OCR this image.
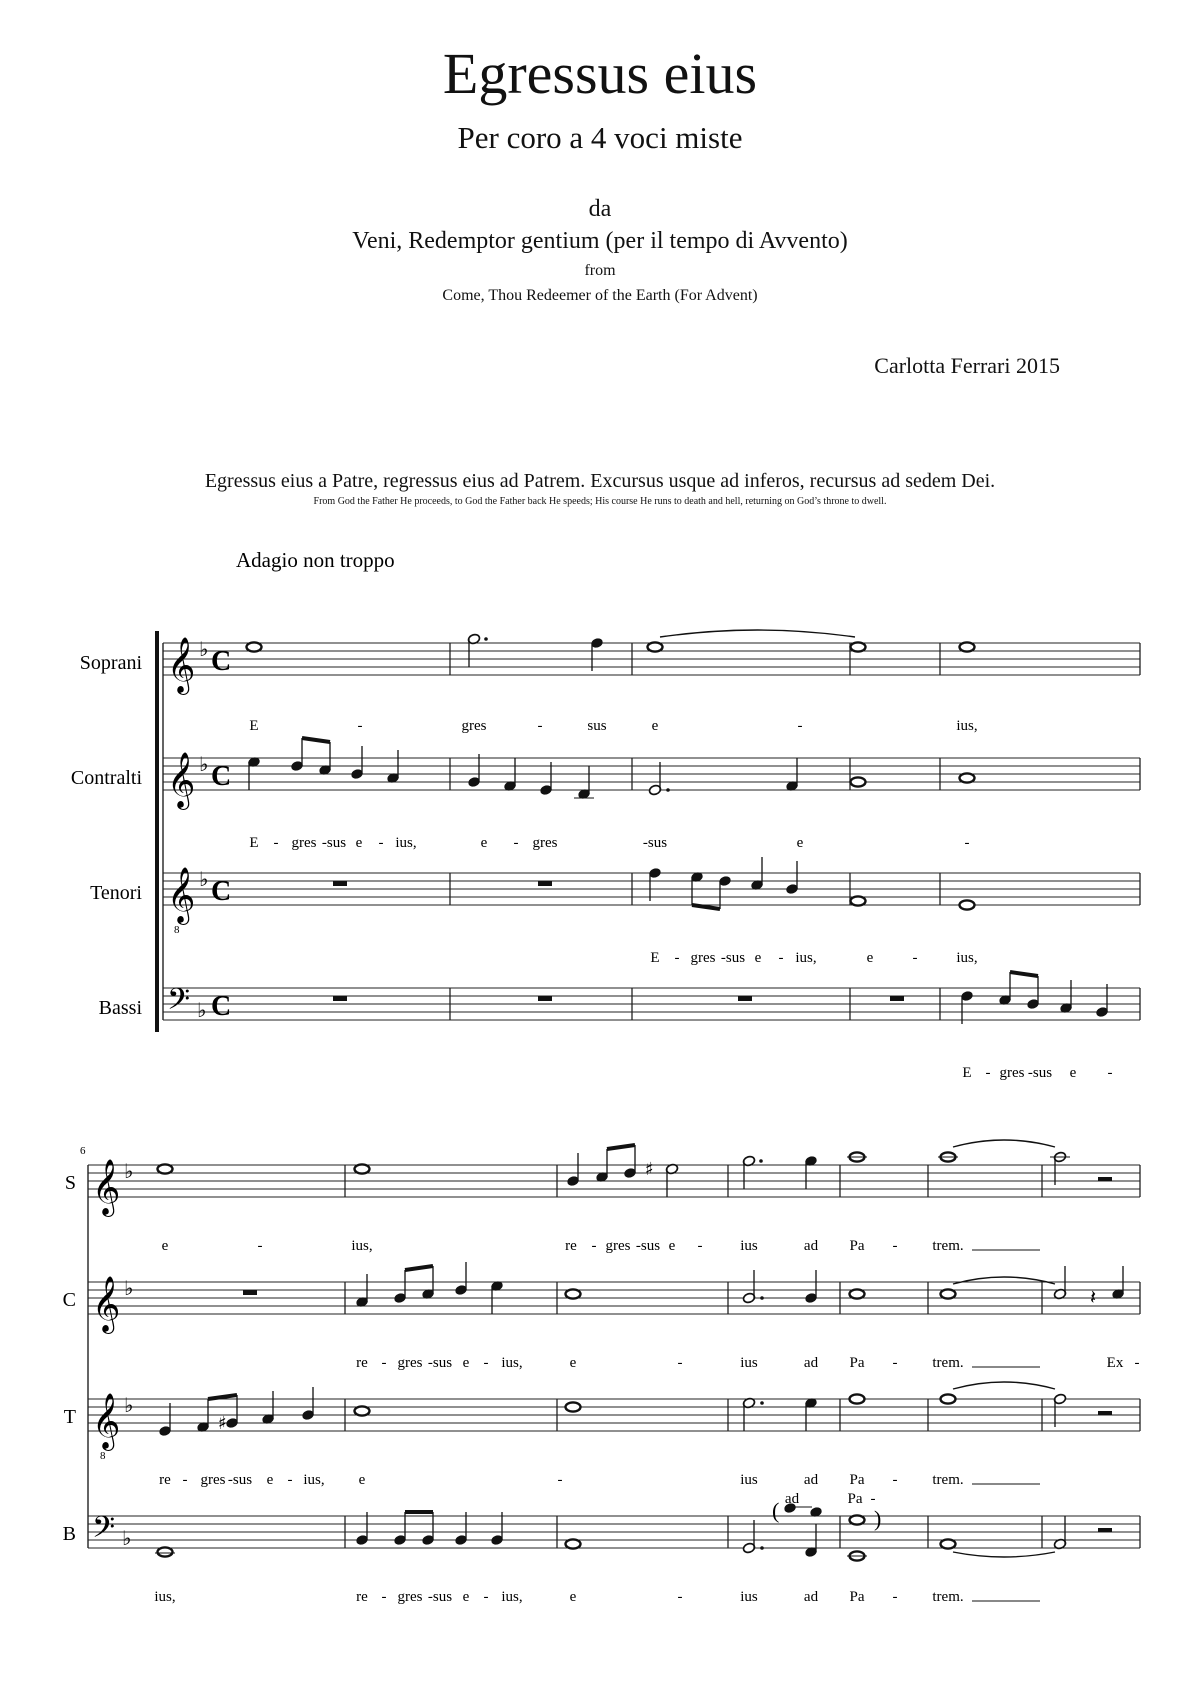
Egressus eius
Per coro a 4 voci miste
da
Veni, Redemptor gentium (per il tempo di Avvento)
from
Come, Thou Redeemer of the Earth (For Advent)
Carlotta Ferrari 2015
Egressus eius a Patre, regressus eius ad Patrem. Excursus usque ad inferos, recursus ad sedem Dei.
From God the Father He proceeds, to God the Father back He speeds; His course He runs to death and hell, returning on God’s throne to dwell.
Adagio non troppo
Soprani 𝄞 ♭ C
Contralti 𝄞 ♭ C
Tenori 𝄞 ♭ C
Bassi 𝄢 ♭ C
8
E	-	gres	-	sus	e	-	ius,
E - gres -sus e - ius,	e - gres	-sus	e	-
E - gres -sus e - ius,	e	-	ius,
E - gres -sus e -
6
S 𝄞 ♭
C 𝄞 ♭
T 𝄞 ♭
B 𝄢 ♭
8
♯
e	-	ius,	re - gres -sus e -	ius	ad Pa - trem.
𝄽
re - gres -sus e - ius,	e	-	ius	ad Pa - trem.	Ex -
♯
re - gres -sus e - ius, e	-	ius	ad Pa - trem.
(	)
ad	Pa -
ius,	re - gres -sus e - ius,	e	-	ius	ad Pa - trem.
